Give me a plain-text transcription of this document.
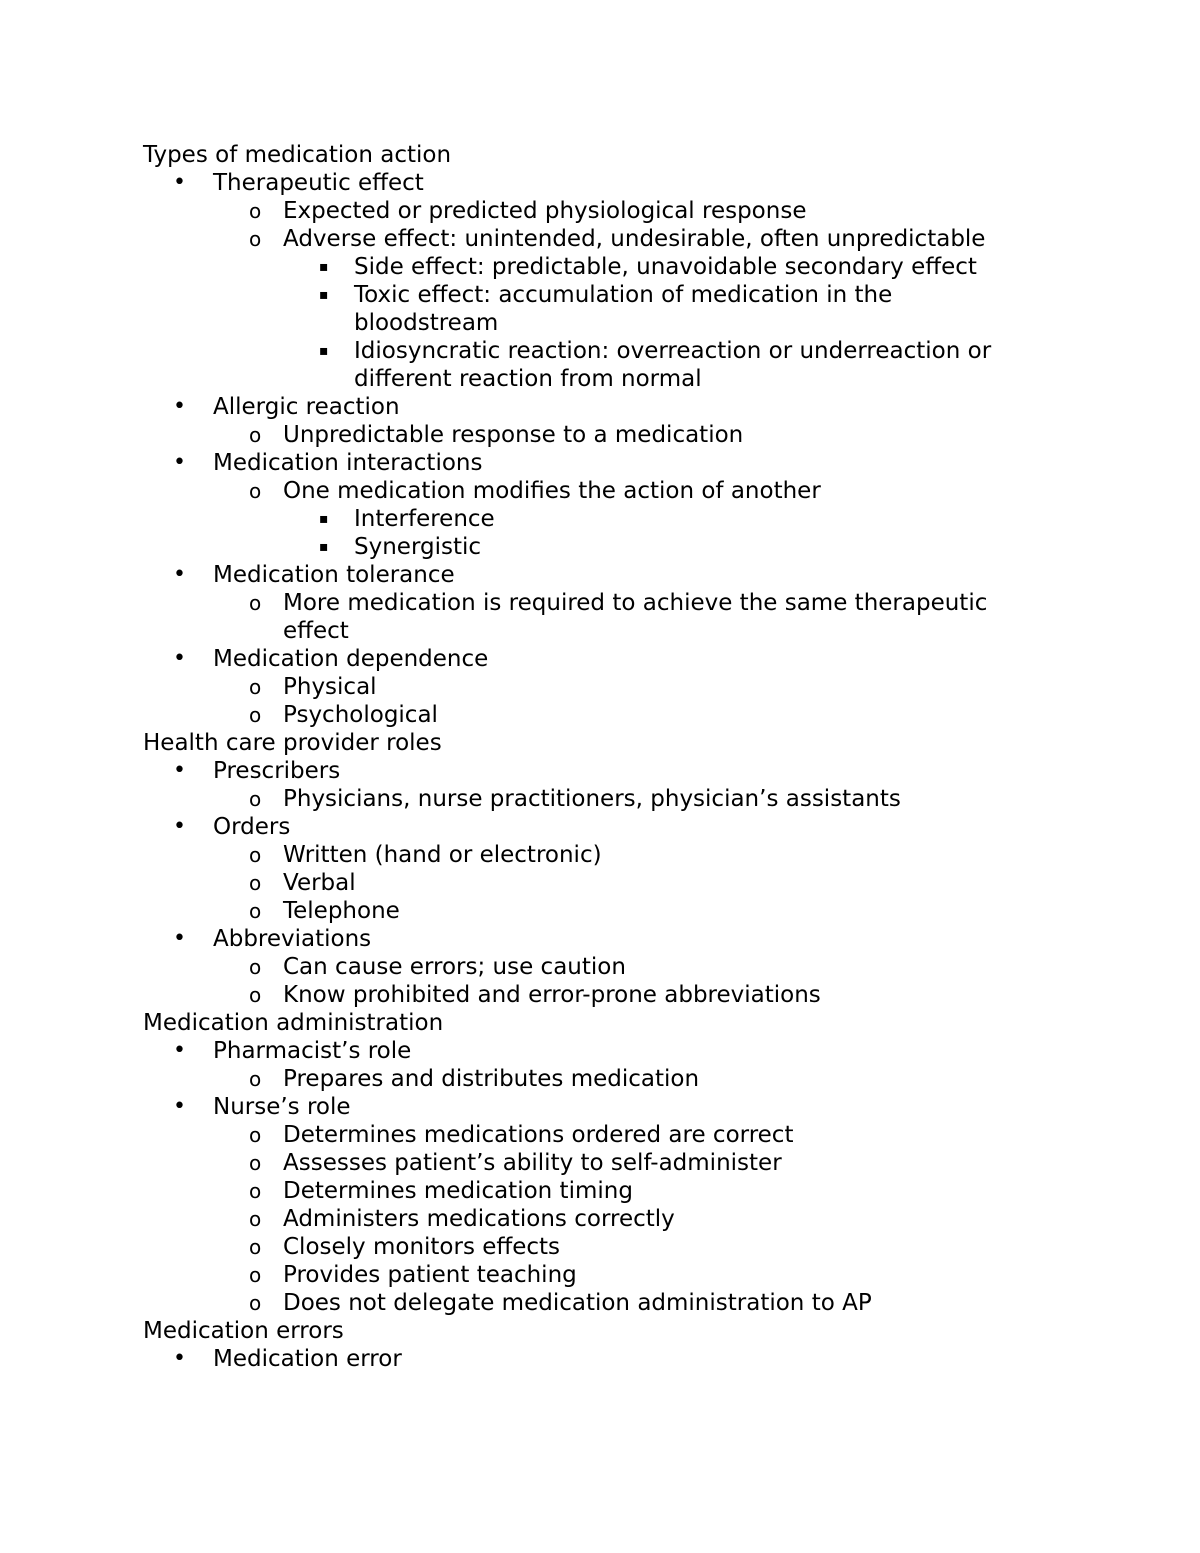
Types of medication action
• Therapeutic effect
o Expected or predicted physiological response
o Adverse effect: unintended, undesirable, often unpredictable
▪ Side effect: predictable, unavoidable secondary effect
▪ Toxic effect: accumulation of medication in the bloodstream
▪ Idiosyncratic reaction: overreaction or underreaction or different reaction from normal
• Allergic reaction
o Unpredictable response to a medication
• Medication interactions
o One medication modifies the action of another
▪ Interference
▪ Synergistic
• Medication tolerance
o More medication is required to achieve the same therapeutic effect
• Medication dependence
o Physical
o Psychological
Health care provider roles
• Prescribers
o Physicians, nurse practitioners, physician’s assistants
• Orders
o Written (hand or electronic)
o Verbal
o Telephone
• Abbreviations
o Can cause errors; use caution
o Know prohibited and error-prone abbreviations
Medication administration
• Pharmacist’s role
o Prepares and distributes medication
• Nurse’s role
o Determines medications ordered are correct
o Assesses patient’s ability to self-administer
o Determines medication timing
o Administers medications correctly
o Closely monitors effects
o Provides patient teaching
o Does not delegate medication administration to AP
Medication errors
• Medication error
